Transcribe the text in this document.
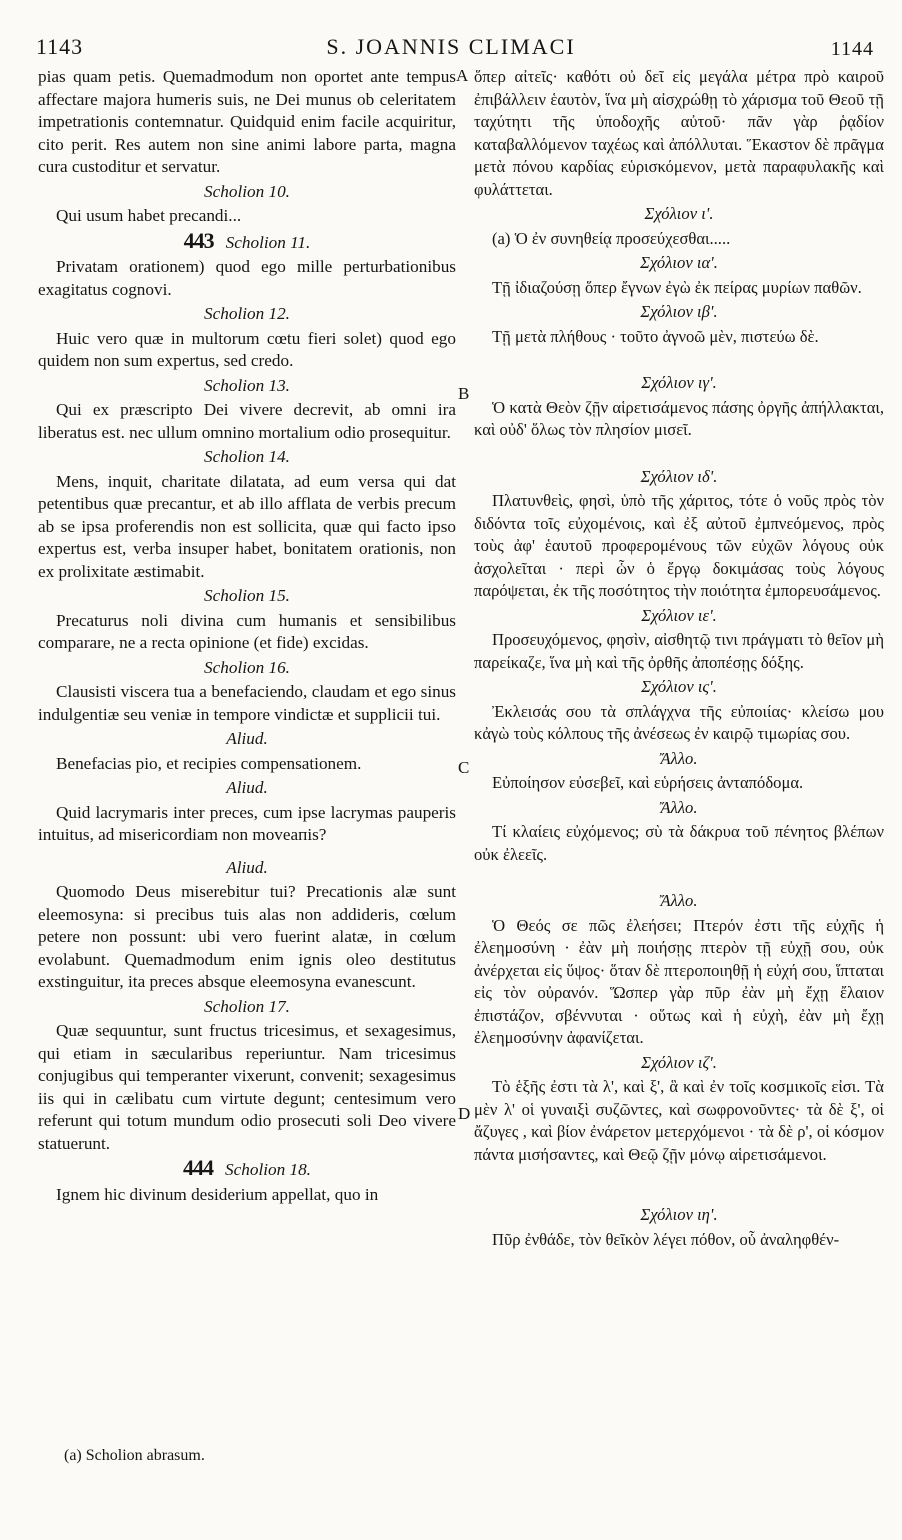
1143	S. JOANNIS CLIMACI	1144
A
B
C
D

pias quam petis. Quemadmodum non oportet ante tempus affectare majora humeris suis, ne Dei munus ob celeritatem impetrationis contemnatur. Quidquid enim facile acquiritur, cito perit. Res autem non sine animi labore parta, magna cura custoditur et servatur.

Scholion 10.

Qui usum habet precandi...

443 Scholion 11.

Privatam orationem) quod ego mille perturbationibus exagitatus cognovi.

Scholion 12.

Huic vero quæ in multorum cœtu fieri solet) quod ego quidem non sum expertus, sed credo.

Scholion 13.

Qui ex præscripto Dei vivere decrevit, ab omni ira liberatus est. nec ullum omnino mortalium odio prosequitur.

Scholion 14.

Mens, inquit, charitate dilatata, ad eum versa qui dat petentibus quæ precantur, et ab illo afflata de verbis precum ab se ipsa proferendis non est sollicita, quæ qui facto ipso expertus est, verba insuper habet, bonitatem orationis, non ex prolixitate æstimabit.

Scholion 15.

Precaturus noli divina cum humanis et sensibilibus comparare, ne a recta opinione (et fide) excidas.

Scholion 16.

Clausisti viscera tua a benefaciendo, claudam et ego sinus indulgentiæ seu veniæ in tempore vindictæ et supplicii tui.

Aliud.

Benefacias pio, et recipies compensationem.

Aliud.

Quid lacrymaris inter preces, cum ipse lacrymas pauperis intuitus, ad misericordiam non moveaпis?

Aliud.

Quomodo Deus miserebitur tui? Precationis alæ sunt eleemosyna: si precibus tuis alas non addideris, cœlum petere non possunt: ubi vero fuerint alatæ, in cœlum evolabunt. Quemadmodum enim ignis oleo destitutus exstinguitur, ita preces absque eleemosyna evanescunt.

Scholion 17.

Quæ sequuntur, sunt fructus tricesimus, et sexagesimus, qui etiam in sæcularibus reperiuntur. Nam tricesimus conjugibus qui temperanter vixerunt, convenit; sexagesimus iis qui in cælibatu cum virtute degunt; centesimum vero referunt qui totum mundum odio prosecuti soli Deo vivere statuerunt.

444 Scholion 18.

Ignem hic divinum desiderium appellat, quo in

ὅπερ αἰτεῖς· καθότι οὐ δεῖ εἰς μεγάλα μέτρα πρὸ καιροῦ ἐπιβάλλειν ἑαυτὸν, ἵνα μὴ αἰσχρώθῃ τὸ χάρισμα τοῦ Θεοῦ τῇ ταχύτητι τῆς ὑποδοχῆς αὐτοῦ· πᾶν γὰρ ῥᾳδίον καταβαλλόμενον ταχέως καὶ ἀπόλλυται. Ἕκαστον δὲ πρᾶγμα μετὰ πόνου καρδίας εὑρισκόμενον, μετὰ παραφυλακῆς καὶ φυλάττεται.

Σχόλιον ι'.

(a) Ὁ ἐν συνηθείᾳ προσεύχεσθαι.....

Σχόλιον ια'.

Τῇ ἰδιαζούσῃ ὅπερ ἔγνων ἐγὼ ἐκ πείρας μυρίων παθῶν.

Σχόλιον ιβ'.

Τῇ μετὰ πλήθους · τοῦτο ἀγνοῶ μὲν, πιστεύω δὲ.

Σχόλιον ιγ'.

Ὁ κατὰ Θεὸν ζῇν αἱρετισάμενος πάσης ὀργῆς ἀπήλλακται, καὶ οὐδ' ὅλως τὸν πλησίον μισεῖ.

Σχόλιον ιδ'.

Πλατυνθεὶς, φησὶ, ὑπὸ τῆς χάριτος, τότε ὁ νοῦς πρὸς τὸν διδόντα τοῖς εὐχομένοις, καὶ ἐξ αὐτοῦ ἐμπνεόμενος, πρὸς τοὺς ἀφ' ἑαυτοῦ προφερομένους τῶν εὐχῶν λόγους οὐκ ἀσχολεῖται · περὶ ὧν ὁ ἔργῳ δοκιμάσας τοὺς λόγους παρόψεται, ἐκ τῆς ποσότητος τὴν ποιότητα ἐμπορευσάμενος.

Σχόλιον ιε'.

Προσευχόμενος, φησὶν, αἰσθητῷ τινι πράγματι τὸ θεῖον μὴ παρείκαζε, ἵνα μὴ καὶ τῆς ὀρθῆς ἀποπέσῃς δόξης.

Σχόλιον ις'.

Ἐκλεισάς σου τὰ σπλάγχνα τῆς εὐποιίας· κλείσω μου κἀγὼ τοὺς κόλπους τῆς ἀνέσεως ἐν καιρῷ τιμωρίας σου.

Ἄλλο.

Εὐποίησον εὐσεβεῖ, καὶ εὑρήσεις ἀνταπόδομα.

Ἄλλο.

Τί κλαίεις εὐχόμενος; σὺ τὰ δάκρυα τοῦ πένητος βλέπων οὐκ ἐλεεῖς.

Ἄλλο.

Ὁ Θεός σε πῶς ἐλεήσει; Πτερόν ἐστι τῆς εὐχῆς ἡ ἐλεημοσύνη · ἐὰν μὴ ποιήσῃς πτερὸν τῇ εὐχῇ σου, οὐκ ἀνέρχεται εἰς ὕψος· ὅταν δὲ πτεροποιηθῇ ἡ εὐχή σου, ἵπταται εἰς τὸν οὐρανόν. Ὥσπερ γὰρ πῦρ ἐὰν μὴ ἔχῃ ἔλαιον ἐπιστάζον, σβέννυται · οὕτως καὶ ἡ εὐχὴ, ἐὰν μὴ ἔχῃ ἐλεημοσύνην ἀφανίζεται.

Σχόλιον ιζ'.

Τὸ ἑξῆς ἐστι τὰ λ', καὶ ξ', ἃ καὶ ἐν τοῖς κοσμικοῖς εἰσι. Τὰ μὲν λ' οἱ γυναιξὶ συζῶντες, καὶ σωφρονοῦντες· τὰ δὲ ξ', οἱ ἄζυγες , καὶ βίον ἐνάρετον μετερχόμενοι · τὰ δὲ ρ', οἱ κόσμον πάντα μισήσαντες, καὶ Θεῷ ζῇν μόνῳ αἱρετισάμενοι.

Σχόλιον ιη'.

Πῦρ ἐνθάδε, τὸν θεῖκὸν λέγει πόθον, οὗ ἀναληφθέν-

(a) Scholion abrasum.
